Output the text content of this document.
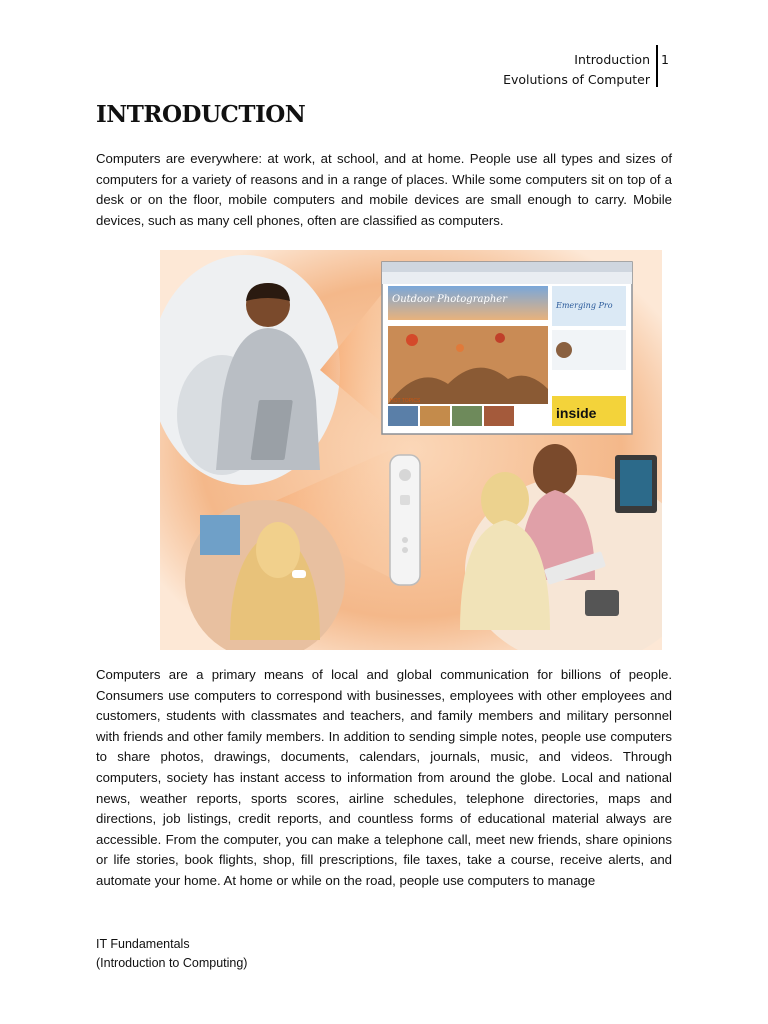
Introduction
Evolutions of Computer
1
INTRODUCTION

Computers are everywhere: at work, at school, and at home. People use all types and sizes of computers for a variety of reasons and in a range of places. While some computers sit on top of a desk or on the floor, mobile computers and mobile devices are small enough to carry. Mobile devices, such as many cell phones, often are classified as computers.

Outdoor Photographer
HOT TOPICS
Emerging Pro
inside

Computers are a primary means of local and global communication for billions of people. Consumers use computers to correspond with businesses, employees with other employees and customers, students with classmates and teachers, and family members and military personnel with friends and other family members. In addition to sending simple notes, people use computers to share photos, drawings, documents, calendars, journals, music, and videos. Through computers, society has instant access to information from around the globe. Local and national news, weather reports, sports scores, airline schedules, telephone directories, maps and directions, job listings, credit reports, and countless forms of educational material always are accessible. From the computer, you can make a telephone call, meet new friends, share opinions or life stories, book flights, shop, fill prescriptions, file taxes, take a course, receive alerts, and automate your home. At home or while on the road, people use computers to manage

IT Fundamentals
(Introduction to Computing)
